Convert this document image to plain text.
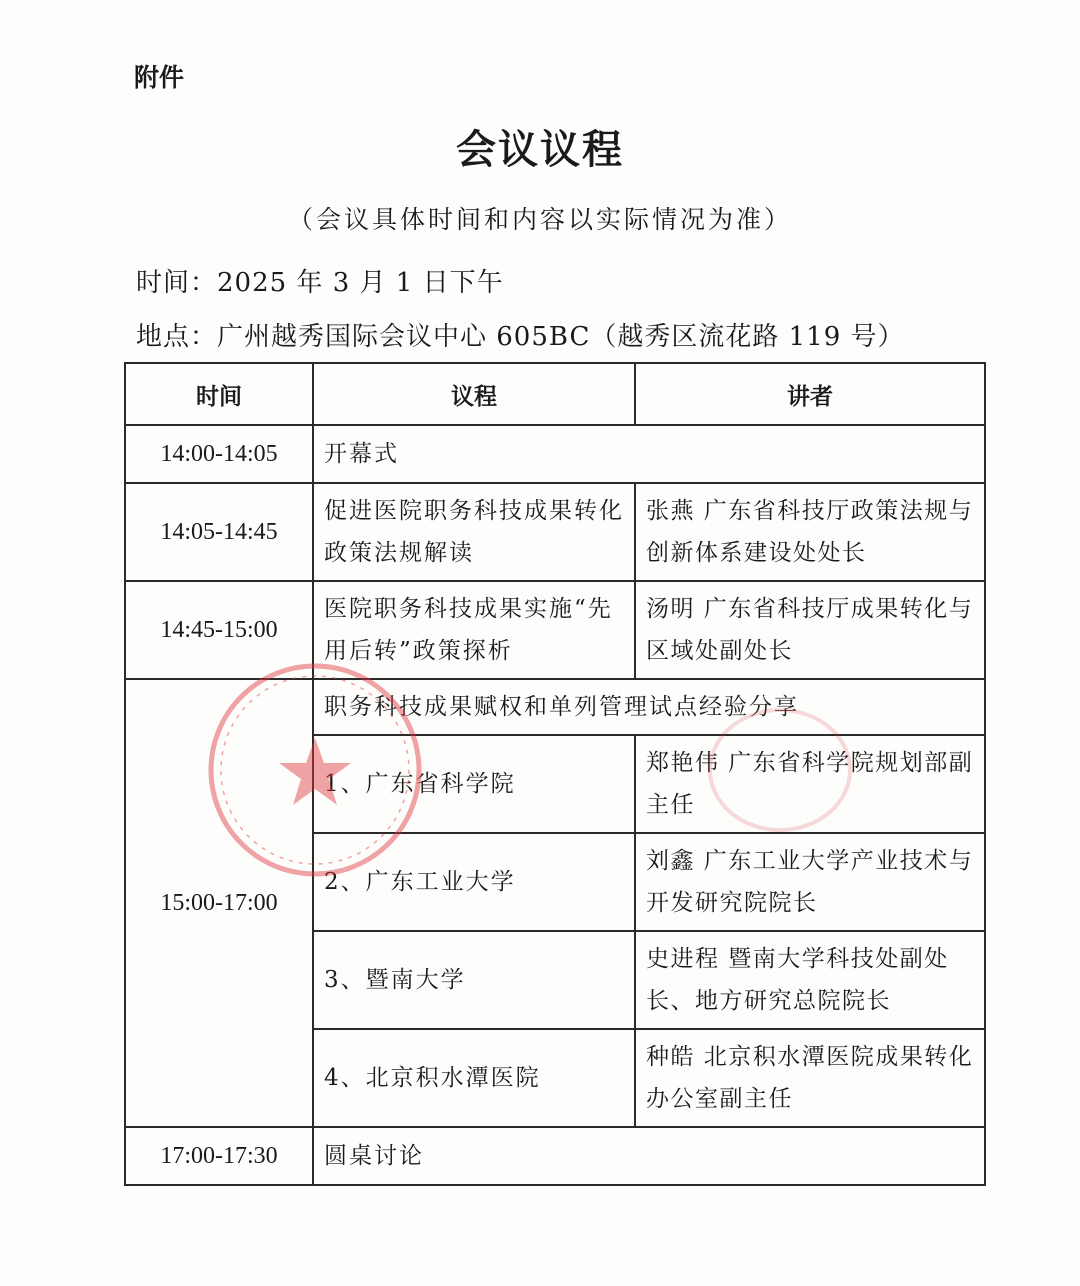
附件
会议议程
（会议具体时间和内容以实际情况为准）
时间：2025 年 3 月 1 日下午
地点：广州越秀国际会议中心 605BC（越秀区流花路 119 号）
时间	议程	讲者
14:00-14:05	开幕式	
14:05-14:45	促进医院职务科技成果转化政策法规解读	张燕 广东省科技厅政策法规与创新体系建设处处长
14:45-15:00	医院职务科技成果实施“先用后转”政策探析	汤明 广东省科技厅成果转化与区域处副处长
15:00-17:00	职务科技成果赋权和单列管理试点经验分享	
	1、广东省科学院	郑艳伟 广东省科学院规划部副主任
	2、广东工业大学	刘鑫 广东工业大学产业技术与开发研究院院长
	3、暨南大学	史进程 暨南大学科技处副处长、地方研究总院院长
	4、北京积水潭医院	种皓 北京积水潭医院成果转化办公室副主任
17:00-17:30	圆桌讨论	
